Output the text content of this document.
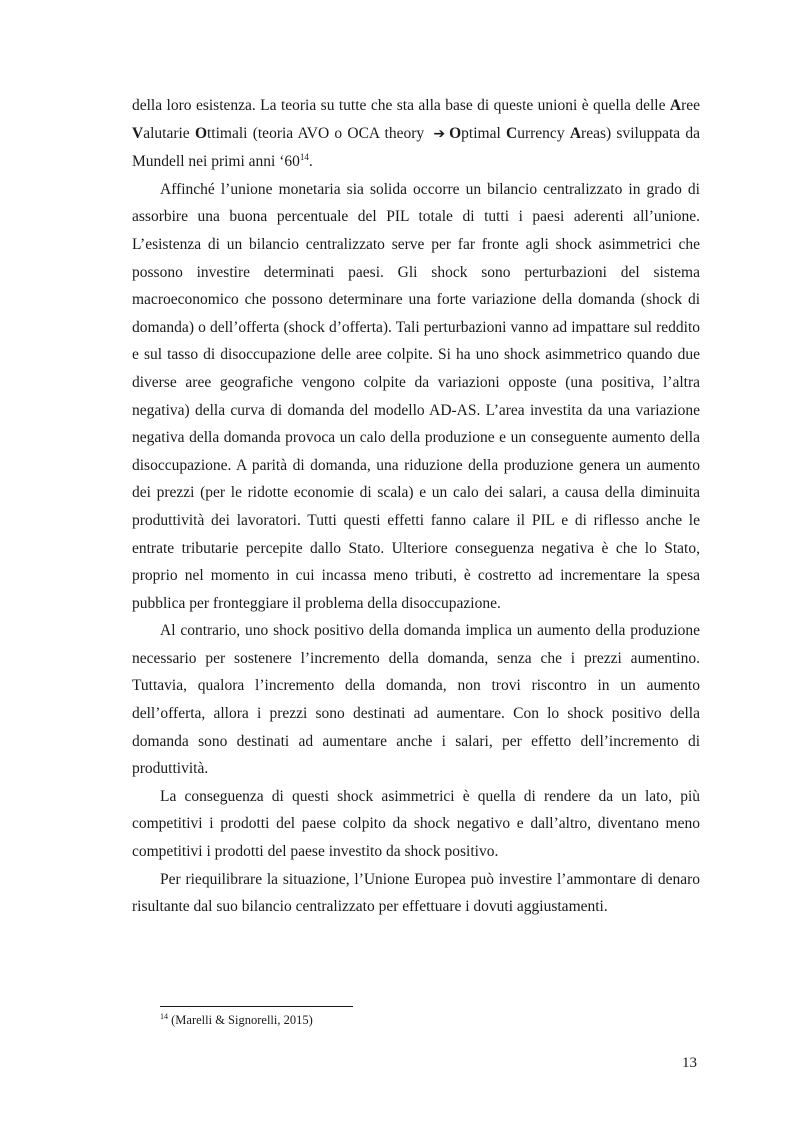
della loro esistenza. La teoria su tutte che sta alla base di queste unioni è quella delle Aree Valutarie Ottimali (teoria AVO o OCA theory ➔ Optimal Currency Areas) sviluppata da Mundell nei primi anni ‘$60^{14}$.

Affinché l’unione monetaria sia solida occorre un bilancio centralizzato in grado di assorbire una buona percentuale del PIL totale di tutti i paesi aderenti all’unione. L’esistenza di un bilancio centralizzato serve per far fronte agli shock asimmetrici che possono investire determinati paesi. Gli shock sono perturbazioni del sistema macroeconomico che possono determinare una forte variazione della domanda (shock di domanda) o dell’offerta (shock d’offerta). Tali perturbazioni vanno ad impattare sul reddito e sul tasso di disoccupazione delle aree colpite. Si ha uno shock asimmetrico quando due diverse aree geografiche vengono colpite da variazioni opposte (una positiva, l’altra negativa) della curva di domanda del modello AD-AS. L’area investita da una variazione negativa della domanda provoca un calo della produzione e un conseguente aumento della disoccupazione. A parità di domanda, una riduzione della produzione genera un aumento dei prezzi (per le ridotte economie di scala) e un calo dei salari, a causa della diminuita produttività dei lavoratori. Tutti questi effetti fanno calare il PIL e di riflesso anche le entrate tributarie percepite dallo Stato. Ulteriore conseguenza negativa è che lo Stato, proprio nel momento in cui incassa meno tributi, è costretto ad incrementare la spesa pubblica per fronteggiare il problema della disoccupazione.

Al contrario, uno shock positivo della domanda implica un aumento della produzione necessario per sostenere l’incremento della domanda, senza che i prezzi aumentino. Tuttavia, qualora l’incremento della domanda, non trovi riscontro in un aumento dell’offerta, allora i prezzi sono destinati ad aumentare. Con lo shock positivo della domanda sono destinati ad aumentare anche i salari, per effetto dell’incremento di produttività.

La conseguenza di questi shock asimmetrici è quella di rendere da un lato, più competitivi i prodotti del paese colpito da shock negativo e dall’altro, diventano meno competitivi i prodotti del paese investito da shock positivo.

Per riequilibrare la situazione, l’Unione Europea può investire l’ammontare di denaro risultante dal suo bilancio centralizzato per effettuare i dovuti aggiustamenti.

$^{14}$ (Marelli & Signorelli, 2015)
13
